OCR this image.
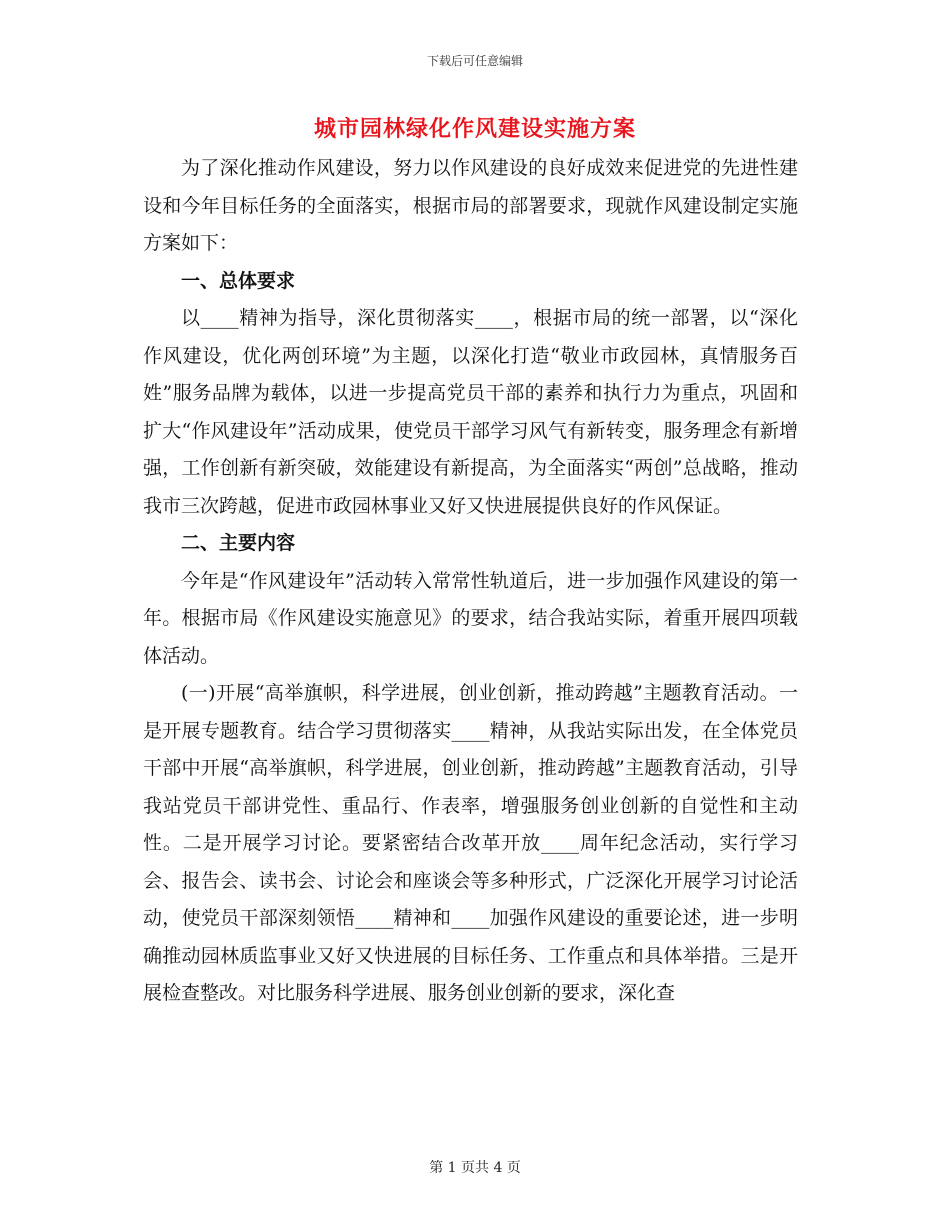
下载后可任意编辑
城市园林绿化作风建设实施方案

为了深化推动作风建设，努力以作风建设的良好成效来促进党的先进性建设和今年目标任务的全面落实，根据市局的部署要求，现就作风建设制定实施方案如下：

一、总体要求

以____精神为指导，深化贯彻落实____，根据市局的统一部署，以“深化作风建设，优化两创环境”为主题，以深化打造“敬业市政园林，真情服务百姓”服务品牌为载体，以进一步提高党员干部的素养和执行力为重点，巩固和扩大“作风建设年”活动成果，使党员干部学习风气有新转变，服务理念有新增强，工作创新有新突破，效能建设有新提高，为全面落实“两创”总战略，推动我市三次跨越，促进市政园林事业又好又快进展提供良好的作风保证。

二、主要内容

今年是“作风建设年”活动转入常常性轨道后，进一步加强作风建设的第一年。根据市局《作风建设实施意见》的要求，结合我站实际，着重开展四项载体活动。

(一)开展“高举旗帜，科学进展，创业创新，推动跨越”主题教育活动。一是开展专题教育。结合学习贯彻落实____精神，从我站实际出发，在全体党员干部中开展“高举旗帜，科学进展，创业创新，推动跨越”主题教育活动，引导我站党员干部讲党性、重品行、作表率，增强服务创业创新的自觉性和主动性。二是开展学习讨论。要紧密结合改革开放____周年纪念活动，实行学习会、报告会、读书会、讨论会和座谈会等多种形式，广泛深化开展学习讨论活动，使党员干部深刻领悟____精神和____加强作风建设的重要论述，进一步明确推动园林质监事业又好又快进展的目标任务、工作重点和具体举措。三是开展检查整改。对比服务科学进展、服务创业创新的要求，深化查

第 1 页共 4 页
